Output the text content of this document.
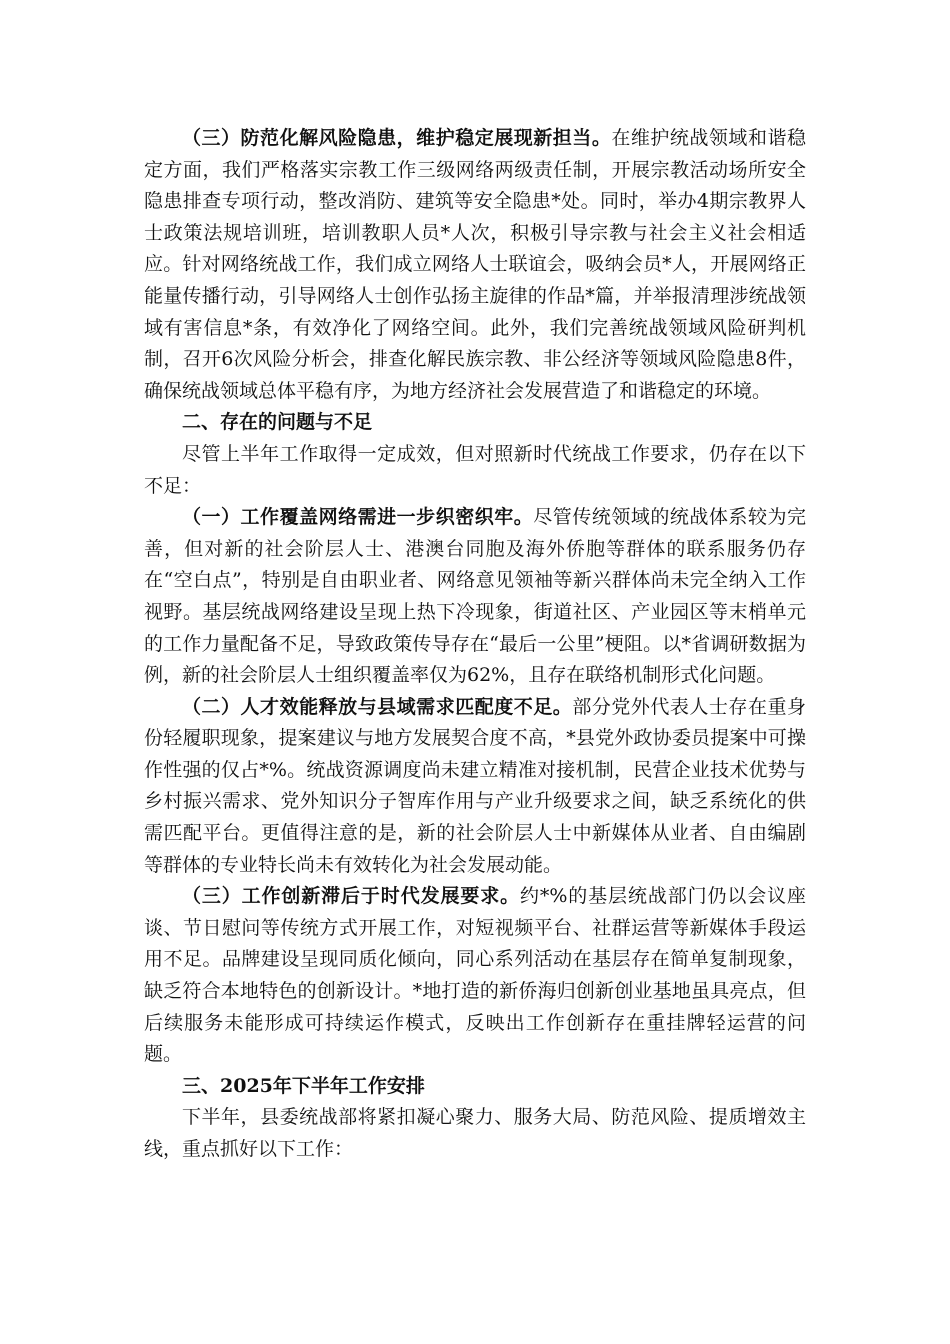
（三）防范化解风险隐患，维护稳定展现新担当。在维护统战领域和谐稳定方面，我们严格落实宗教工作三级网络两级责任制，开展宗教活动场所安全隐患排查专项行动，整改消防、建筑等安全隐患*处。同时，举办4期宗教界人士政策法规培训班，培训教职人员*人次，积极引导宗教与社会主义社会相适应。针对网络统战工作，我们成立网络人士联谊会，吸纳会员*人，开展网络正能量传播行动，引导网络人士创作弘扬主旋律的作品*篇，并举报清理涉统战领域有害信息*条，有效净化了网络空间。此外，我们完善统战领域风险研判机制，召开6次风险分析会，排查化解民族宗教、非公经济等领域风险隐患8件，确保统战领域总体平稳有序，为地方经济社会发展营造了和谐稳定的环境。

二、存在的问题与不足

尽管上半年工作取得一定成效，但对照新时代统战工作要求，仍存在以下不足：

（一）工作覆盖网络需进一步织密织牢。尽管传统领域的统战体系较为完善，但对新的社会阶层人士、港澳台同胞及海外侨胞等群体的联系服务仍存在“空白点”，特别是自由职业者、网络意见领袖等新兴群体尚未完全纳入工作视野。基层统战网络建设呈现上热下冷现象，街道社区、产业园区等末梢单元的工作力量配备不足，导致政策传导存在“最后一公里”梗阻。以*省调研数据为例，新的社会阶层人士组织覆盖率仅为62%，且存在联络机制形式化问题。

（二）人才效能释放与县域需求匹配度不足。部分党外代表人士存在重身份轻履职现象，提案建议与地方发展契合度不高，*县党外政协委员提案中可操作性强的仅占*%。统战资源调度尚未建立精准对接机制，民营企业技术优势与乡村振兴需求、党外知识分子智库作用与产业升级要求之间，缺乏系统化的供需匹配平台。更值得注意的是，新的社会阶层人士中新媒体从业者、自由编剧等群体的专业特长尚未有效转化为社会发展动能。

（三）工作创新滞后于时代发展要求。约*%的基层统战部门仍以会议座谈、节日慰问等传统方式开展工作，对短视频平台、社群运营等新媒体手段运用不足。品牌建设呈现同质化倾向，同心系列活动在基层存在简单复制现象，缺乏符合本地特色的创新设计。*地打造的新侨海归创新创业基地虽具亮点，但后续服务未能形成可持续运作模式，反映出工作创新存在重挂牌轻运营的问题。

三、2025年下半年工作安排

下半年，县委统战部将紧扣凝心聚力、服务大局、防范风险、提质增效主线，重点抓好以下工作：
